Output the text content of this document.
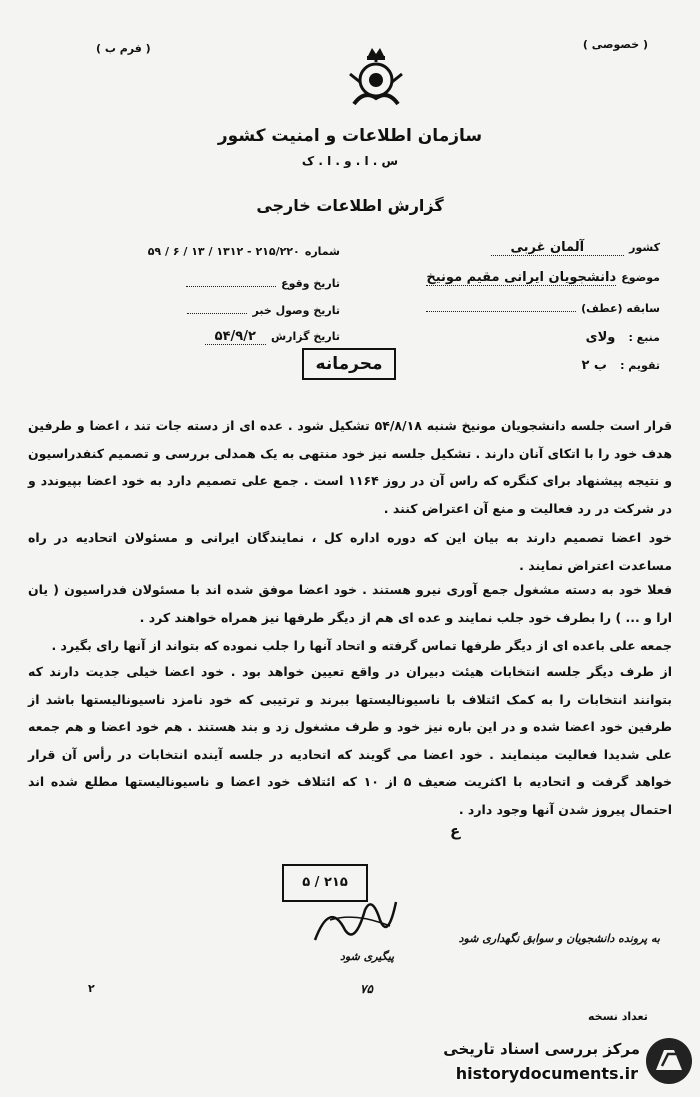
( خصوصی )
( فرم ب )
سازمان اطلاعات و امنیت کشور
س . ا . و . ا . ک
گزارش اطلاعات خارجی
کشور آلمان غربی
موضوع دانشجویان ایرانی مقیم مونیخ
سابقه (عطف)
منبع : ولای
تقویم : ب ۲
شماره ۲۱۵/۲۲۰ - ۱۳۱۲ / ۱۳ / ۶ / ۵۹
تاریخ وقوع
تاریخ وصول خبر
تاریخ گزارش ۵۴/۹/۲
محرمانه
قرار است جلسه دانشجویان مونیخ شنبه ۵۴/۸/۱۸ تشکیل شود . عده ای از دسته جات تند ، اعضا و طرفین هدف خود را با اتکای آنان دارند . تشکیل جلسه نیز خود منتهی به یک همدلی بررسی و تصمیم کنفدراسیون و نتیجه پیشنهاد برای کنگره که راس آن در روز ۱۱۶۴ است . جمع علی تصمیم دارد به خود اعضا بپیوندد و در شرکت در رد فعالیت و منع آن اعتراض کنند .
خود اعضا تصمیم دارند به بیان این که دوره اداره کل ، نمایندگان ایرانی و مسئولان اتحادیه در راه مساعدت اعتراض نمایند .
فعلا خود به دسته مشغول جمع آوری نیرو هستند . خود اعضا موفق شده اند با مسئولان فدراسیون ( یان ارا و ... ) را بطرف خود جلب نمایند و عده ای هم از دیگر طرفها نیز همراه خواهند کرد .
جمعه علی باعده ای از دیگر طرفها تماس گرفته و اتحاد آنها را جلب نموده که بتواند از آنها رای بگیرد .
از طرف دیگر جلسه انتخابات هیئت دبیران در واقع تعیین خواهد بود . خود اعضا خیلی جدیت دارند که بتوانند انتخابات را به کمک ائتلاف با ناسیونالیستها ببرند و ترتیبی که خود نامزد ناسیونالیستها باشد از طرفین خود اعضا شده و در این باره نیز خود و طرف مشغول زد و بند هستند . هم خود اعضا و هم جمعه علی شدیدا فعالیت مینمایند . خود اعضا می گویند که اتحادیه در جلسه آینده انتخابات در رأس آن قرار خواهد گرفت و اتحادیه با اکثریت ضعیف ۵ از ۱۰ که ائتلاف خود اعضا و ناسیونالیستها مطلع شده اند احتمال پیروز شدن آنها وجود دارد .
ع
۲۱۵ / ۵
به پرونده دانشجویان و سوابق نگهداری شود
پیگیری شود
۷۵
۲
تعداد نسخه
مرکز بررسی اسناد تاریخی
historydocuments.ir
